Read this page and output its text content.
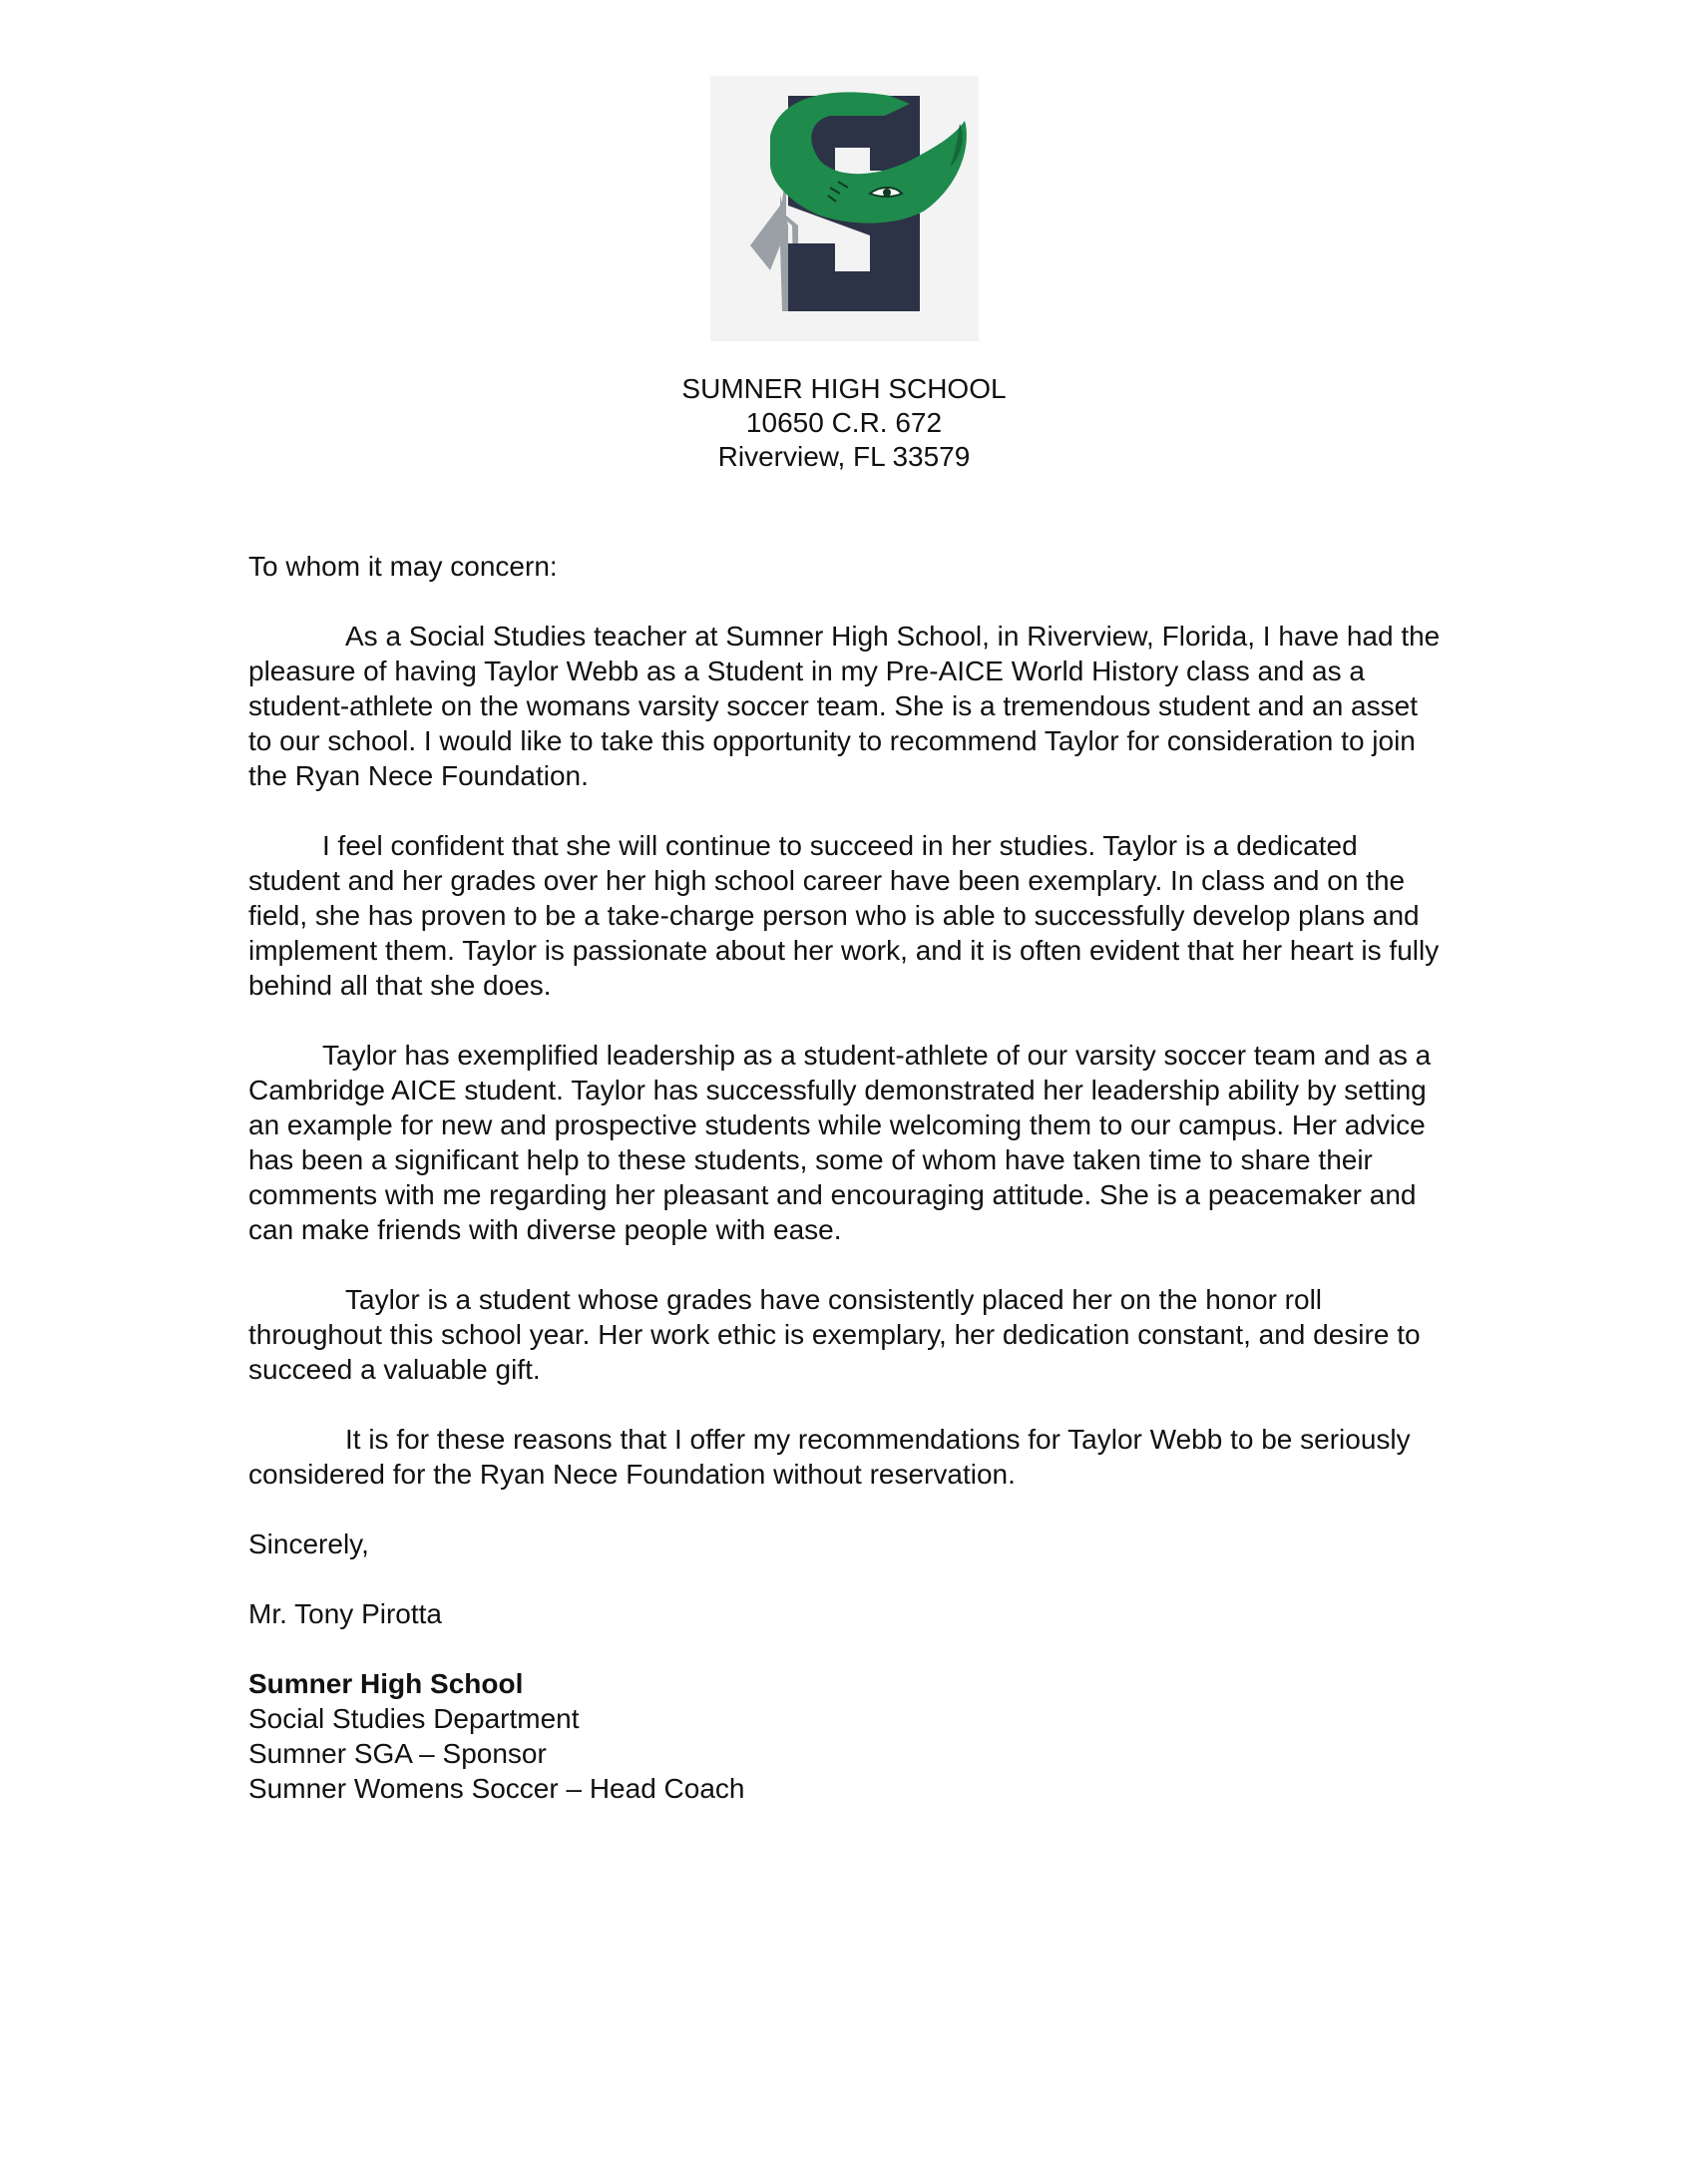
SUMNER HIGH SCHOOL
10650 C.R. 672
Riverview, FL 33579

To whom it may concern:

As a Social Studies teacher at Sumner High School, in Riverview, Florida, I have had the pleasure of having Taylor Webb as a Student in my Pre-AICE World History class and as a student-athlete on the womans varsity soccer team. She is a tremendous student and an asset to our school. I would like to take this opportunity to recommend Taylor for consideration to join the Ryan Nece Foundation.

I feel confident that she will continue to succeed in her studies. Taylor is a dedicated student and her grades over her high school career have been exemplary. In class and on the field, she has proven to be a take-charge person who is able to successfully develop plans and implement them. Taylor is passionate about her work, and it is often evident that her heart is fully behind all that she does.

Taylor has exemplified leadership as a student-athlete of our varsity soccer team and as a Cambridge AICE student. Taylor has successfully demonstrated her leadership ability by setting an example for new and prospective students while welcoming them to our campus. Her advice has been a significant help to these students, some of whom have taken time to share their comments with me regarding her pleasant and encouraging attitude. She is a peacemaker and can make friends with diverse people with ease.

Taylor is a student whose grades have consistently placed her on the honor roll throughout this school year. Her work ethic is exemplary, her dedication constant, and desire to succeed a valuable gift.

It is for these reasons that I offer my recommendations for Taylor Webb to be seriously considered for the Ryan Nece Foundation without reservation.

Sincerely,

Mr. Tony Pirotta

Sumner High School

Social Studies Department

Sumner SGA – Sponsor

Sumner Womens Soccer – Head Coach
